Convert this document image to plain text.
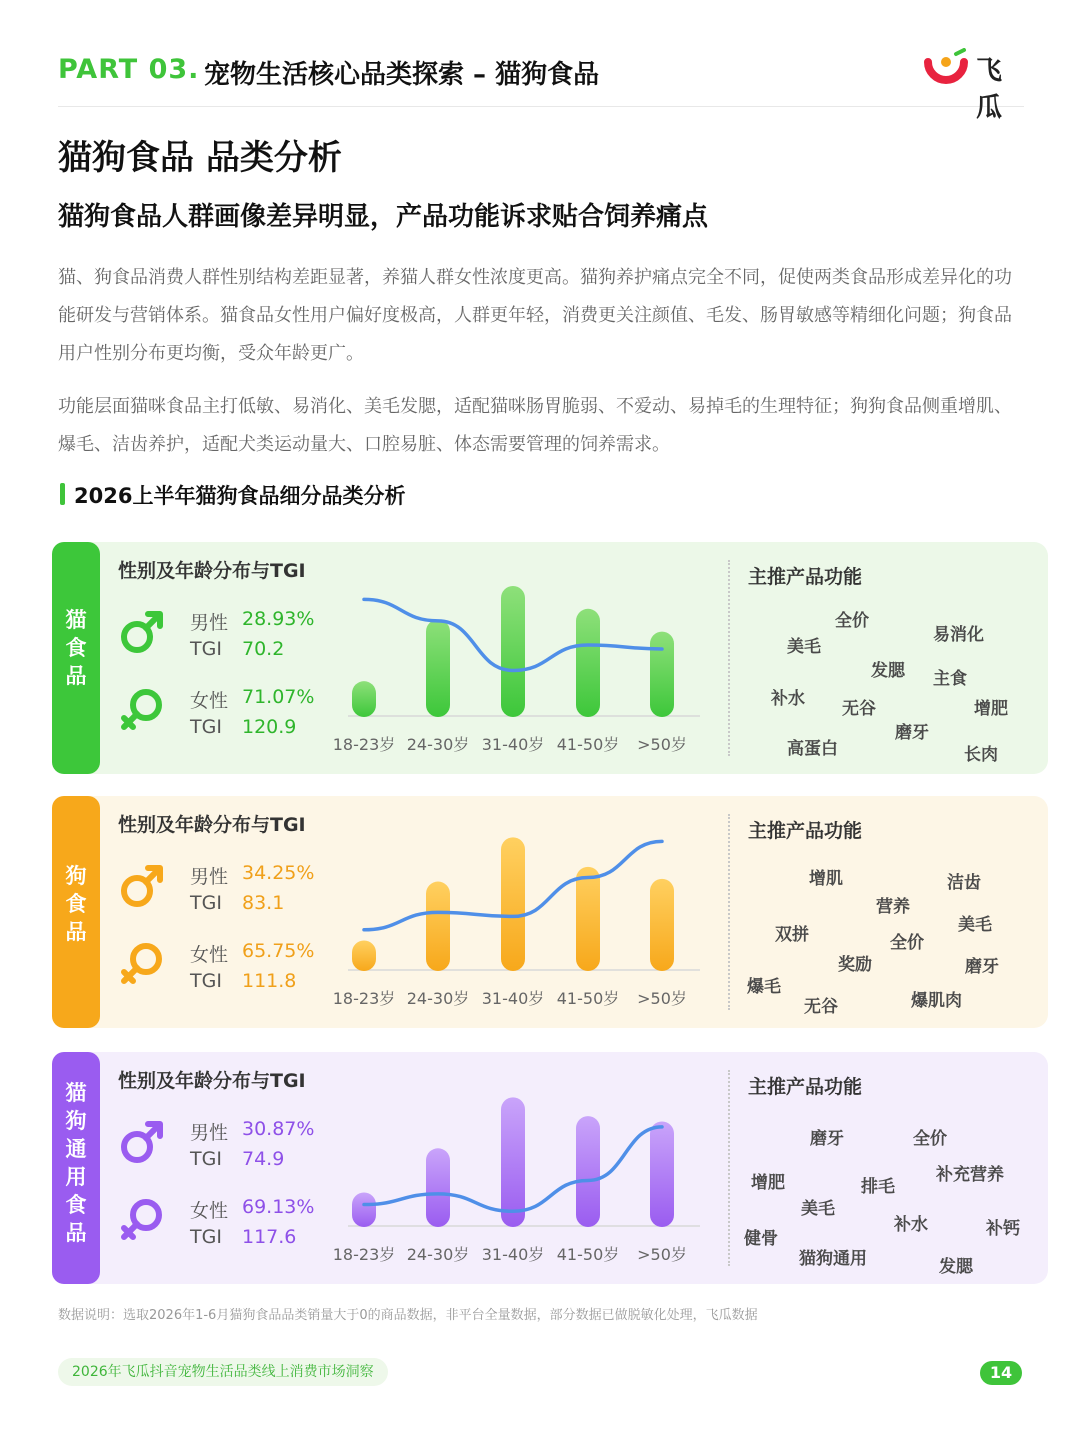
PART 03. 宠物生活核心品类探索 – 猫狗食品	飞瓜
猫狗食品 品类分析
猫狗食品人群画像差异明显，产品功能诉求贴合饲养痛点
猫、狗食品消费人群性别结构差距显著，养猫人群女性浓度更高。猫狗养护痛点完全不同，促使两类食品形成差异化的功能研发与营销体系。猫食品女性用户偏好度极高，人群更年轻，消费更关注颜值、毛发、肠胃敏感等精细化问题；狗食品用户性别分布更均衡，受众年龄更广。
功能层面猫咪食品主打低敏、易消化、美毛发腮，适配猫咪肠胃脆弱、不爱动、易掉毛的生理特征；狗狗食品侧重增肌、爆毛、洁齿养护，适配犬类运动量大、口腔易脏、体态需要管理的饲养需求。
2026上半年猫狗食品细分品类分析
猫
食
品
性别及年龄分布与TGI
男性 28.93%
TGI 70.2
女性 71.07%
TGI 120.9
18-23岁 24-30岁 31-40岁 41-50岁 >50岁
主推产品功能
全价
易消化
美毛
发腮 主食
补水 无谷	增肥
磨牙
高蛋白	长肉
狗
食
品
性别及年龄分布与TGI
男性 34.25%
TGI 83.1
女性 65.75%
TGI 111.8
18-23岁 24-30岁 31-40岁 41-50岁 >50岁
主推产品功能
增肌	洁齿
营养
美毛
双拼	全价
奖励	磨牙
爆毛
无谷	爆肌肉
猫
狗
通
用
食
品
性别及年龄分布与TGI
男性 30.87%
TGI 74.9
女性 69.13%
TGI 117.6
18-23岁 24-30岁 31-40岁 41-50岁 >50岁
主推产品功能
磨牙	全价
补充营养
增肥	排毛
美毛
补水	补钙
健骨
猫狗通用	发腮
数据说明：选取2026年1-6月猫狗食品品类销量大于0的商品数据，非平台全量数据，部分数据已做脱敏化处理，飞瓜数据
2026年飞瓜抖音宠物生活品类线上消费市场洞察	14
